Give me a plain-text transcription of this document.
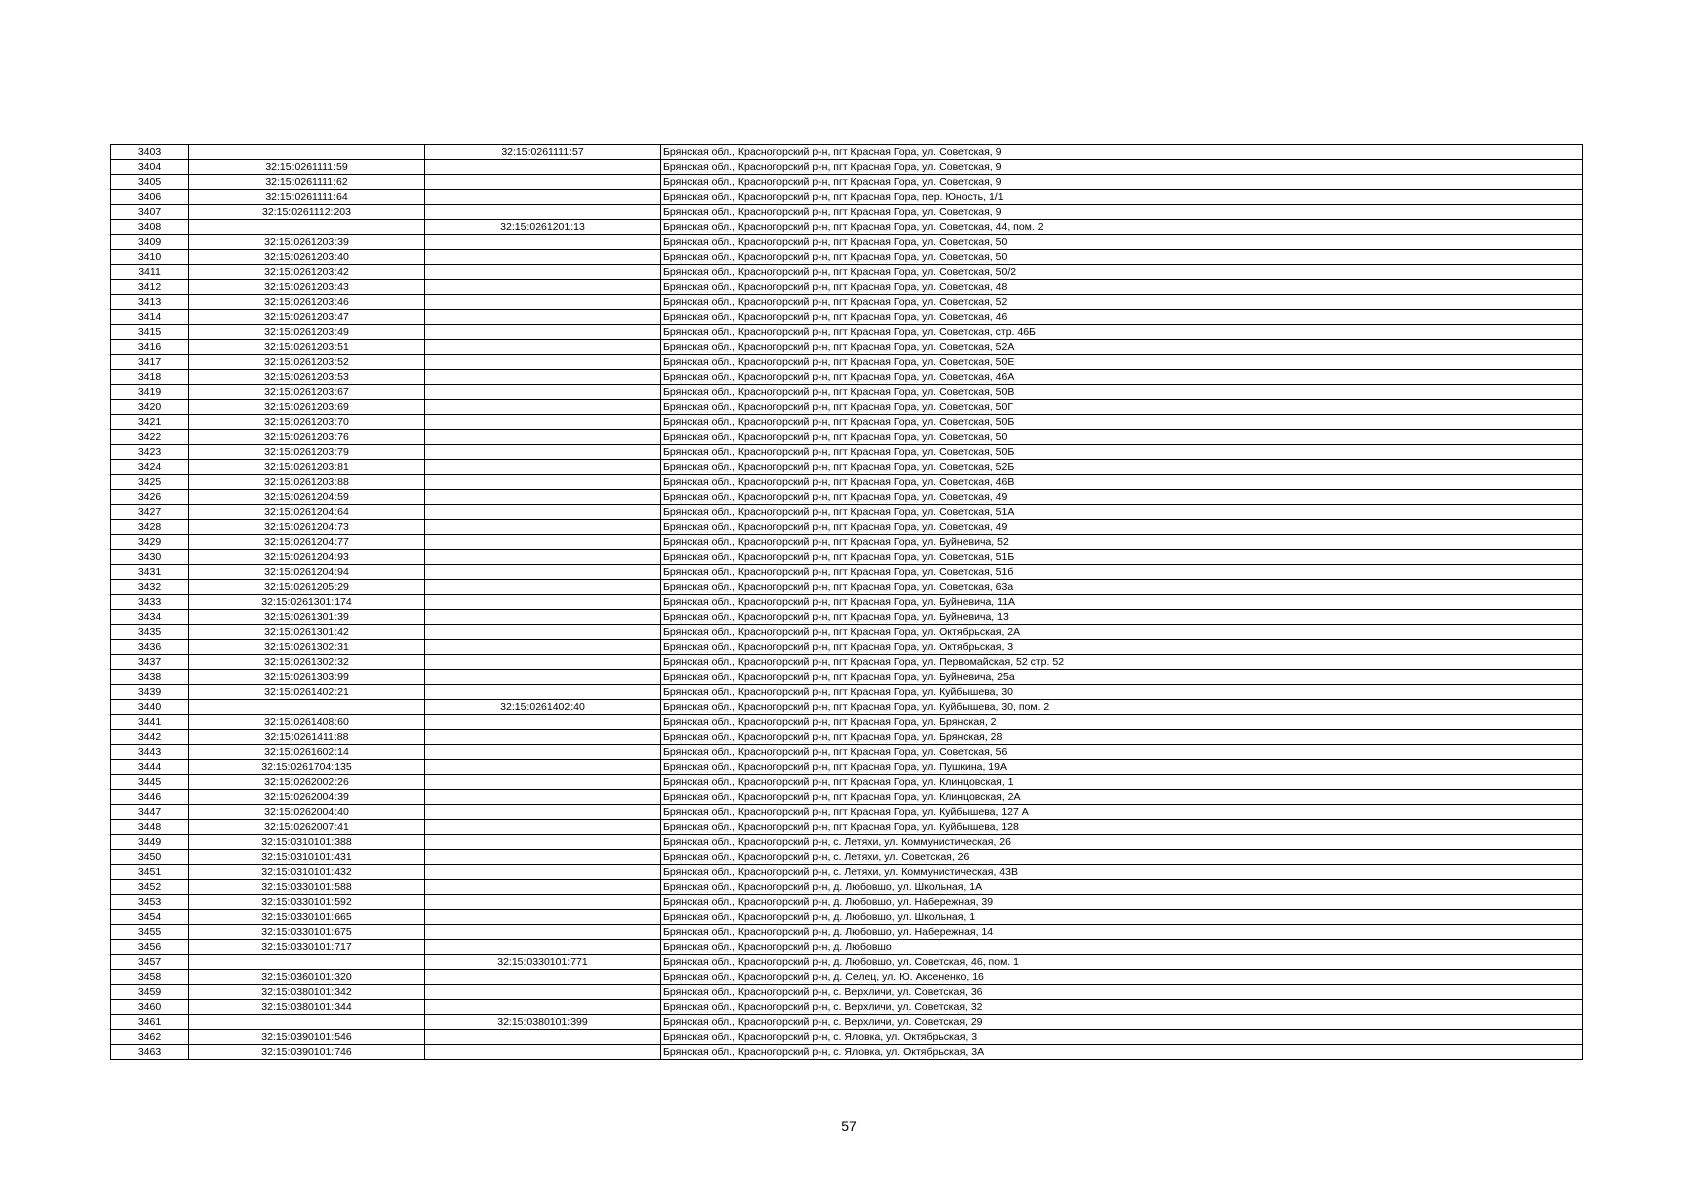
3403		32:15:0261111:57	Брянская обл., Красногорский р-н, пгт Красная Гора, ул. Советская, 9
3404	32:15:0261111:59		Брянская обл., Красногорский р-н, пгт Красная Гора, ул. Советская, 9
3405	32:15:0261111:62		Брянская обл., Красногорский р-н, пгт Красная Гора, ул. Советская, 9
3406	32:15:0261111:64		Брянская обл., Красногорский р-н, пгт Красная Гора, пер. Юность, 1/1
3407	32:15:0261112:203		Брянская обл., Красногорский р-н, пгт Красная Гора, ул. Советская, 9
3408		32:15:0261201:13	Брянская обл., Красногорский р-н, пгт Красная Гора, ул. Советская, 44, пом. 2
3409	32:15:0261203:39		Брянская обл., Красногорский р-н, пгт Красная Гора, ул. Советская, 50
3410	32:15:0261203:40		Брянская обл., Красногорский р-н, пгт Красная Гора, ул. Советская, 50
3411	32:15:0261203:42		Брянская обл., Красногорский р-н, пгт Красная Гора, ул. Советская, 50/2
3412	32:15:0261203:43		Брянская обл., Красногорский р-н, пгт Красная Гора, ул. Советская, 48
3413	32:15:0261203:46		Брянская обл., Красногорский р-н, пгт Красная Гора, ул. Советская, 52
3414	32:15:0261203:47		Брянская обл., Красногорский р-н, пгт Красная Гора, ул. Советская, 46
3415	32:15:0261203:49		Брянская обл., Красногорский р-н, пгт Красная Гора, ул. Советская, стр. 46Б
3416	32:15:0261203:51		Брянская обл., Красногорский р-н, пгт Красная Гора, ул. Советская, 52А
3417	32:15:0261203:52		Брянская обл., Красногорский р-н, пгт Красная Гора, ул. Советская, 50Е
3418	32:15:0261203:53		Брянская обл., Красногорский р-н, пгт Красная Гора, ул. Советская, 46А
3419	32:15:0261203:67		Брянская обл., Красногорский р-н, пгт Красная Гора, ул. Советская, 50В
3420	32:15:0261203:69		Брянская обл., Красногорский р-н, пгт Красная Гора, ул. Советская, 50Г
3421	32:15:0261203:70		Брянская обл., Красногорский р-н, пгт Красная Гора, ул. Советская, 50Б
3422	32:15:0261203:76		Брянская обл., Красногорский р-н, пгт Красная Гора, ул. Советская, 50
3423	32:15:0261203:79		Брянская обл., Красногорский р-н, пгт Красная Гора, ул. Советская, 50Б
3424	32:15:0261203:81		Брянская обл., Красногорский р-н, пгт Красная Гора, ул. Советская, 52Б
3425	32:15:0261203:88		Брянская обл., Красногорский р-н, пгт Красная Гора, ул. Советская, 46В
3426	32:15:0261204:59		Брянская обл., Красногорский р-н, пгт Красная Гора, ул. Советская, 49
3427	32:15:0261204:64		Брянская обл., Красногорский р-н, пгт Красная Гора, ул. Советская, 51А
3428	32:15:0261204:73		Брянская обл., Красногорский р-н, пгт Красная Гора, ул. Советская, 49
3429	32:15:0261204:77		Брянская обл., Красногорский р-н, пгт Красная Гора, ул. Буйневича, 52
3430	32:15:0261204:93		Брянская обл., Красногорский р-н, пгт Красная Гора, ул. Советская, 51Б
3431	32:15:0261204:94		Брянская обл., Красногорский р-н, пгт Красная Гора, ул. Советская, 51б
3432	32:15:0261205:29		Брянская обл., Красногорский р-н, пгт Красная Гора, ул. Советская, 63а
3433	32:15:0261301:174		Брянская обл., Красногорский р-н, пгт Красная Гора, ул. Буйневича, 11А
3434	32:15:0261301:39		Брянская обл., Красногорский р-н, пгт Красная Гора, ул. Буйневича, 13
3435	32:15:0261301:42		Брянская обл., Красногорский р-н, пгт Красная Гора, ул. Октябрьская, 2А
3436	32:15:0261302:31		Брянская обл., Красногорский р-н, пгт Красная Гора, ул. Октябрьская, 3
3437	32:15:0261302:32		Брянская обл., Красногорский р-н, пгт Красная Гора, ул. Первомайская, 52 стр. 52
3438	32:15:0261303:99		Брянская обл., Красногорский р-н, пгт Красная Гора, ул. Буйневича, 25а
3439	32:15:0261402:21		Брянская обл., Красногорский р-н, пгт Красная Гора, ул. Куйбышева, 30
3440		32:15:0261402:40	Брянская обл., Красногорский р-н, пгт Красная Гора, ул. Куйбышева, 30, пом. 2
3441	32:15:0261408:60		Брянская обл., Красногорский р-н, пгт Красная Гора, ул. Брянская, 2
3442	32:15:0261411:88		Брянская обл., Красногорский р-н, пгт Красная Гора, ул. Брянская, 28
3443	32:15:0261602:14		Брянская обл., Красногорский р-н, пгт Красная Гора, ул. Советская, 56
3444	32:15:0261704:135		Брянская обл., Красногорский р-н, пгт Красная Гора, ул. Пушкина, 19А
3445	32:15:0262002:26		Брянская обл., Красногорский р-н, пгт Красная Гора, ул. Клинцовская, 1
3446	32:15:0262004:39		Брянская обл., Красногорский р-н, пгт Красная Гора, ул. Клинцовская, 2А
3447	32:15:0262004:40		Брянская обл., Красногорский р-н, пгт Красная Гора, ул. Куйбышева, 127 А
3448	32:15:0262007:41		Брянская обл., Красногорский р-н, пгт Красная Гора, ул. Куйбышева, 128
3449	32:15:0310101:388		Брянская обл., Красногорский р-н, с. Летяхи, ул. Коммунистическая, 26
3450	32:15:0310101:431		Брянская обл., Красногорский р-н, с. Летяхи, ул. Советская, 26
3451	32:15:0310101:432		Брянская обл., Красногорский р-н, с. Летяхи, ул. Коммунистическая, 43В
3452	32:15:0330101:588		Брянская обл., Красногорский р-н, д. Любовшо, ул. Школьная, 1А
3453	32:15:0330101:592		Брянская обл., Красногорский р-н, д. Любовшо, ул. Набережная, 39
3454	32:15:0330101:665		Брянская обл., Красногорский р-н, д. Любовшо, ул. Школьная, 1
3455	32:15:0330101:675		Брянская обл., Красногорский р-н, д. Любовшо, ул. Набережная, 14
3456	32:15:0330101:717		Брянская обл., Красногорский р-н, д. Любовшо
3457		32:15:0330101:771	Брянская обл., Красногорский р-н, д. Любовшо, ул. Советская, 46, пом. 1
3458	32:15:0360101:320		Брянская обл., Красногорский р-н, д. Селец, ул. Ю. Аксененко, 16
3459	32:15:0380101:342		Брянская обл., Красногорский р-н, с. Верхличи, ул. Советская, 36
3460	32:15:0380101:344		Брянская обл., Красногорский р-н, с. Верхличи, ул. Советская, 32
3461		32:15:0380101:399	Брянская обл., Красногорский р-н, с. Верхличи, ул. Советская, 29
3462	32:15:0390101:546		Брянская обл., Красногорский р-н, с. Яловка, ул. Октябрьская, 3
3463	32:15:0390101:746		Брянская обл., Красногорский р-н, с. Яловка, ул. Октябрьская, 3А
57
